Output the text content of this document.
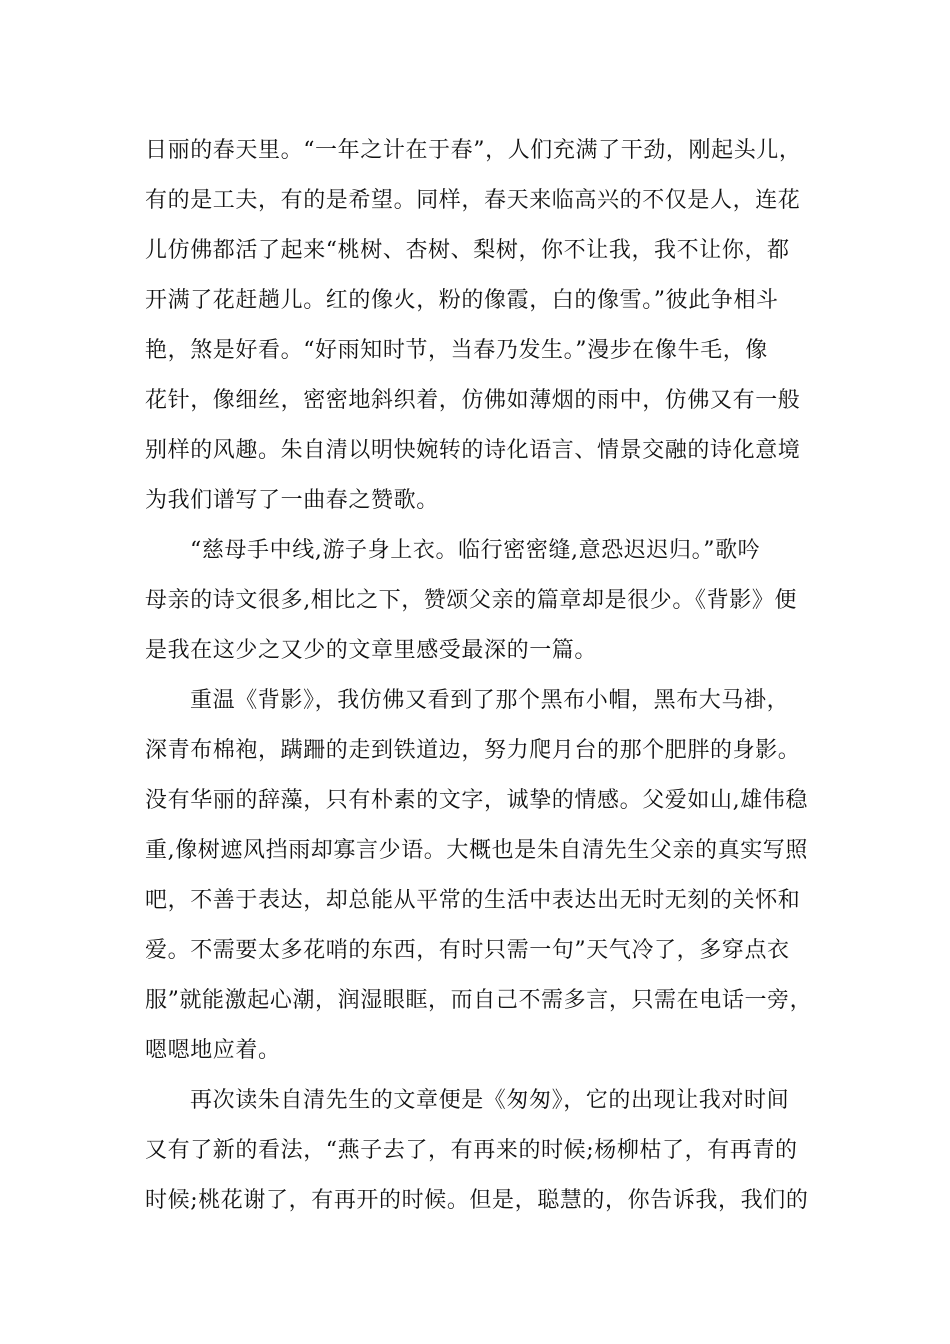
日丽的春天里。“一年之计在于春”，人们充满了干劲，刚起头儿，
有的是工夫，有的是希望。同样，春天来临高兴的不仅是人，连花
儿仿佛都活了起来“桃树、杏树、梨树，你不让我，我不让你，都
开满了花赶趟儿。红的像火，粉的像霞，白的像雪。”彼此争相斗
艳，煞是好看。“好雨知时节，当春乃发生。”漫步在像牛毛，像
花针，像细丝，密密地斜织着，仿佛如薄烟的雨中，仿佛又有一般
别样的风趣。朱自清以明快婉转的诗化语言、情景交融的诗化意境
为我们谱写了一曲春之赞歌。
“慈母手中线,游子身上衣。临行密密缝,意恐迟迟归。”歌吟
母亲的诗文很多,相比之下，赞颂父亲的篇章却是很少。《背影》便
是我在这少之又少的文章里感受最深的一篇。
重温《背影》，我仿佛又看到了那个黑布小帽，黑布大马褂，
深青布棉袍，蹒跚的走到铁道边，努力爬月台的那个肥胖的身影。
没有华丽的辞藻，只有朴素的文字，诚挚的情感。父爱如山,雄伟稳
重,像树遮风挡雨却寡言少语。大概也是朱自清先生父亲的真实写照
吧，不善于表达，却总能从平常的生活中表达出无时无刻的关怀和
爱。不需要太多花哨的东西，有时只需一句”天气冷了，多穿点衣
服”就能激起心潮，润湿眼眶，而自己不需多言，只需在电话一旁，
嗯嗯地应着。
再次读朱自清先生的文章便是《匆匆》，它的出现让我对时间
又有了新的看法，“燕子去了，有再来的时候;杨柳枯了，有再青的
时候;桃花谢了，有再开的时候。但是，聪慧的，你告诉我，我们的
